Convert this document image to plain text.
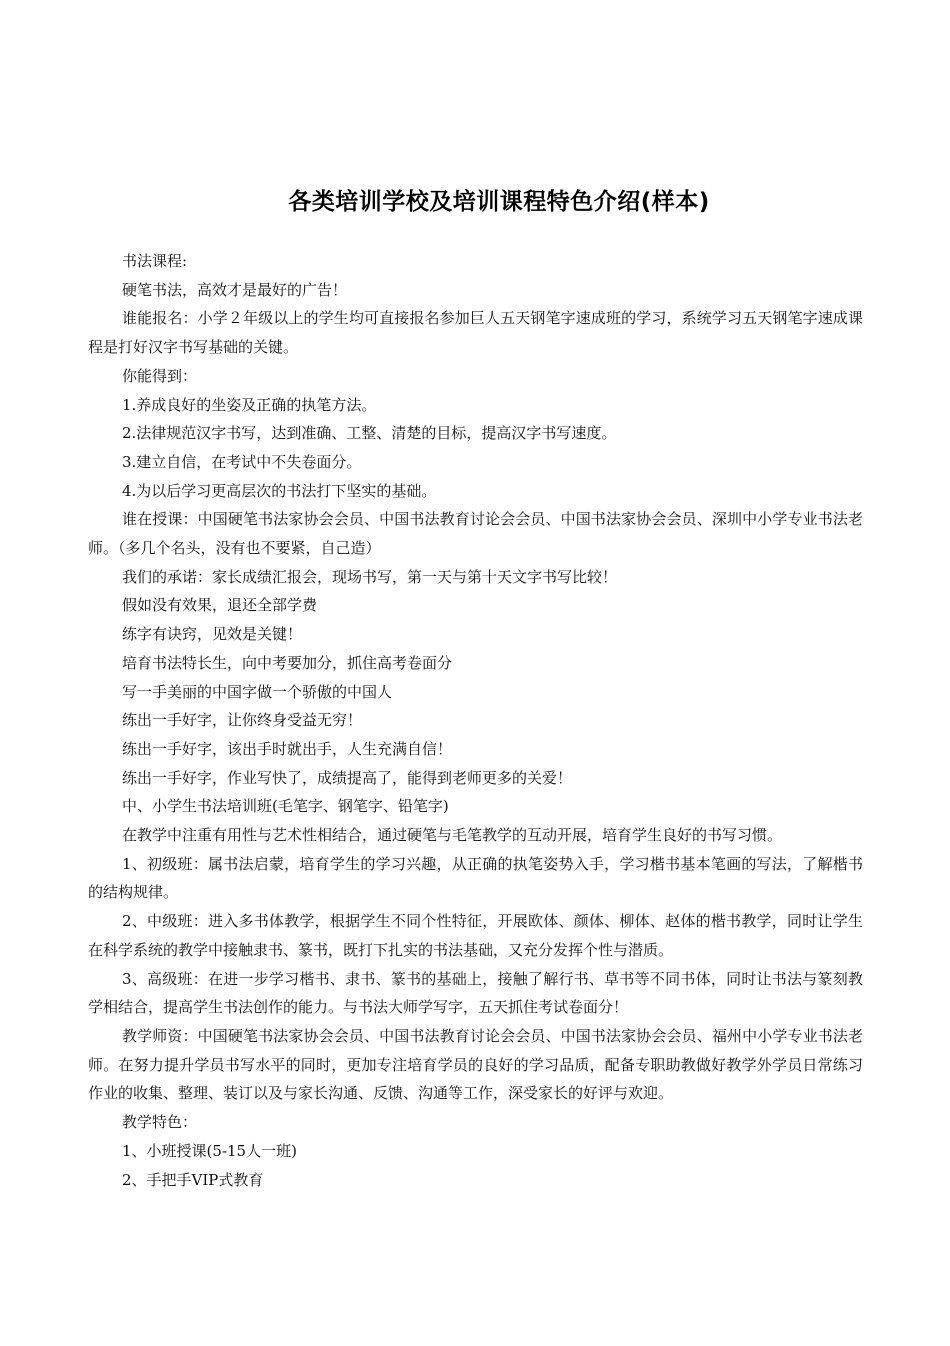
各类培训学校及培训课程特色介绍(样本)

书法课程:

硬笔书法，高效才是最好的广告！

谁能报名：小学２年级以上的学生均可直接报名参加巨人五天钢笔字速成班的学习，系统学习五天钢笔字速成课程是打好汉字书写基础的关键。

你能得到：

1.养成良好的坐姿及正确的执笔方法。

2.法律规范汉字书写，达到准确、工整、清楚的目标，提高汉字书写速度。

3.建立自信，在考试中不失卷面分。

4.为以后学习更高层次的书法打下坚实的基础。

谁在授课：中国硬笔书法家协会会员、中国书法教育讨论会会员、中国书法家协会会员、深圳中小学专业书法老师。（多几个名头，没有也不要紧，自己造）

我们的承诺：家长成绩汇报会，现场书写，第一天与第十天文字书写比较！

假如没有效果，退还全部学费

练字有诀窍，见效是关键！

培育书法特长生，向中考要加分，抓住高考卷面分

写一手美丽的中国字做一个骄傲的中国人

练出一手好字，让你终身受益无穷！

练出一手好字，该出手时就出手，人生充满自信！

练出一手好字，作业写快了，成绩提高了，能得到老师更多的关爱！

中、小学生书法培训班(毛笔字、钢笔字、铅笔字)

在教学中注重有用性与艺术性相结合，通过硬笔与毛笔教学的互动开展，培育学生良好的书写习惯。

1、初级班：属书法启蒙，培育学生的学习兴趣，从正确的执笔姿势入手，学习楷书基本笔画的写法，了解楷书的结构规律。

2、中级班：进入多书体教学，根据学生不同个性特征，开展欧体、颜体、柳体、赵体的楷书教学，同时让学生在科学系统的教学中接触隶书、篆书，既打下扎实的书法基础，又充分发挥个性与潜质。

3、高级班：在进一步学习楷书、隶书、篆书的基础上，接触了解行书、草书等不同书体，同时让书法与篆刻教学相结合，提高学生书法创作的能力。与书法大师学写字，五天抓住考试卷面分！

教学师资：中国硬笔书法家协会会员、中国书法教育讨论会会员、中国书法家协会会员、福州中小学专业书法老师。在努力提升学员书写水平的同时，更加专注培育学员的良好的学习品质，配备专职助教做好教学外学员日常练习作业的收集、整理、装订以及与家长沟通、反馈、沟通等工作，深受家长的好评与欢迎。

教学特色：

1、小班授课(5-15人一班)

2、手把手VIP式教育
